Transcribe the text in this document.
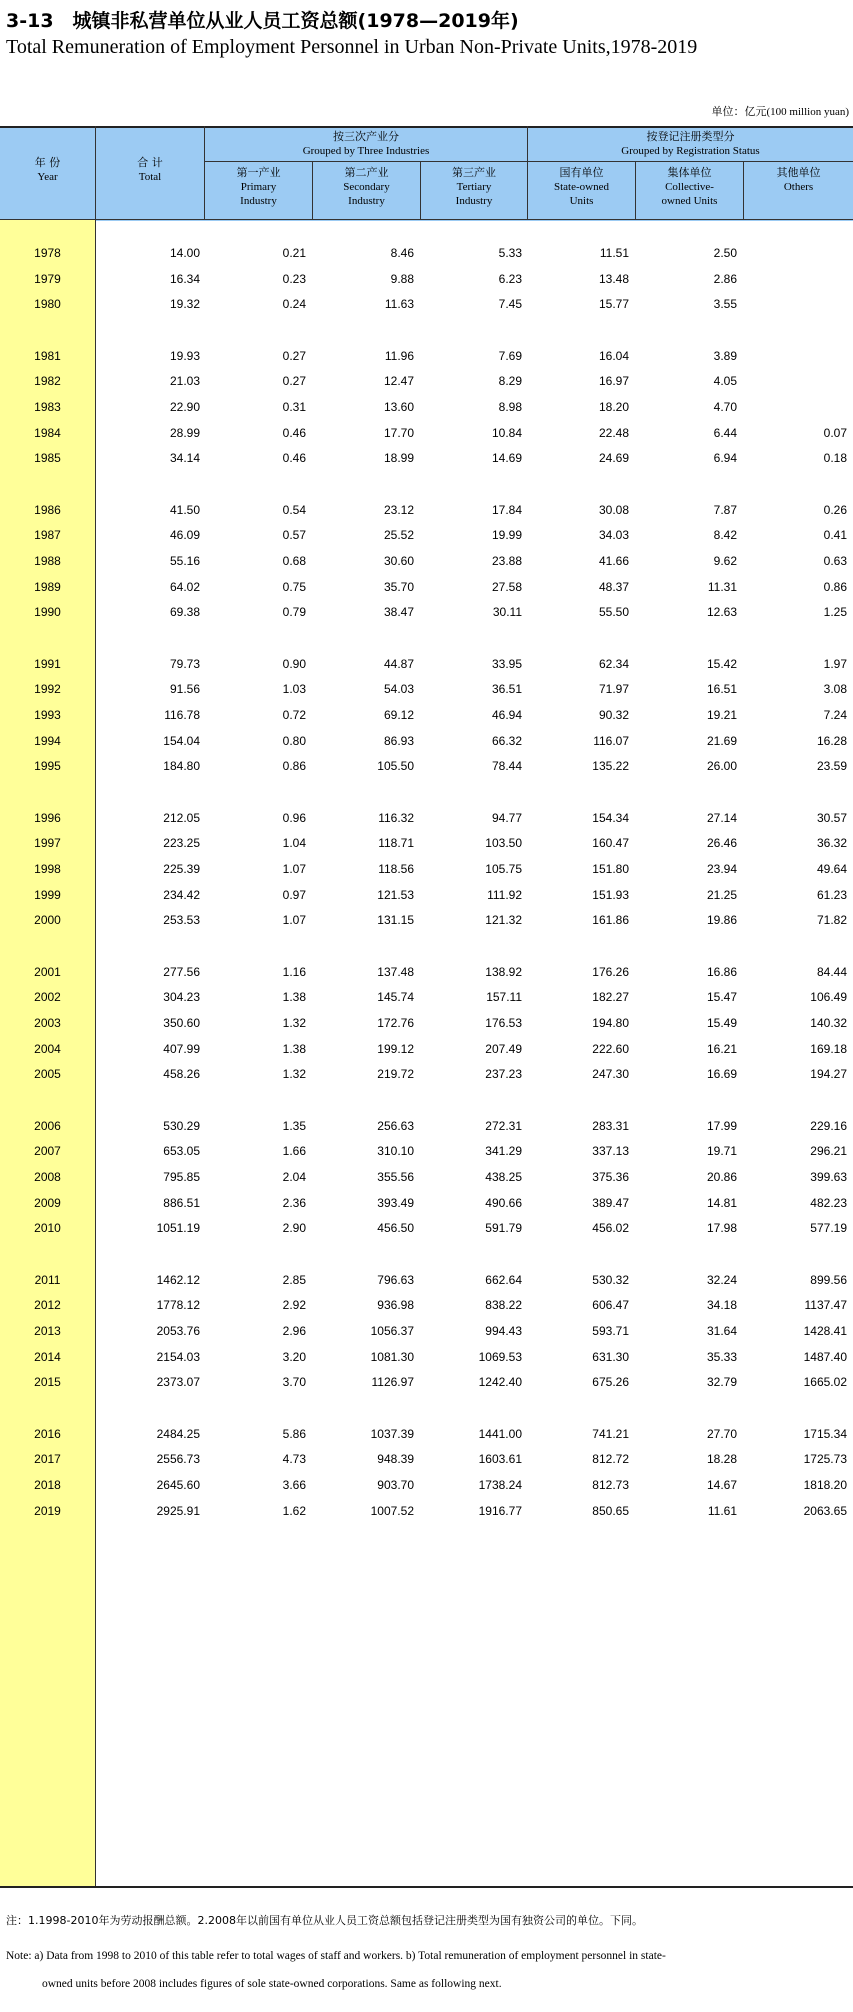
3-13　城镇非私营单位从业人员工资总额(1978—2019年)
Total Remuneration of Employment Personnel in Urban Non-Private Units,1978-2019
单位：亿元(100 million yuan)
年 份
Year
合 计
Total
按三次产业分
Grouped by Three Industries
按登记注册类型分
Grouped by Registration Status
第一产业
Primary
Industry
第二产业
Secondary
Industry
第三产业
Tertiary
Industry
国有单位
State-owned
Units
集体单位
Collective-
owned Units
其他单位
Others
1978	14.00	0.21	8.46	5.33	11.51	2.50
1979	16.34	0.23	9.88	6.23	13.48	2.86
1980	19.32	0.24	11.63	7.45	15.77	3.55
1981	19.93	0.27	11.96	7.69	16.04	3.89
1982	21.03	0.27	12.47	8.29	16.97	4.05
1983	22.90	0.31	13.60	8.98	18.20	4.70
1984	28.99	0.46	17.70	10.84	22.48	6.44	0.07
1985	34.14	0.46	18.99	14.69	24.69	6.94	0.18
1986	41.50	0.54	23.12	17.84	30.08	7.87	0.26
1987	46.09	0.57	25.52	19.99	34.03	8.42	0.41
1988	55.16	0.68	30.60	23.88	41.66	9.62	0.63
1989	64.02	0.75	35.70	27.58	48.37	11.31	0.86
1990	69.38	0.79	38.47	30.11	55.50	12.63	1.25
1991	79.73	0.90	44.87	33.95	62.34	15.42	1.97
1992	91.56	1.03	54.03	36.51	71.97	16.51	3.08
1993	116.78	0.72	69.12	46.94	90.32	19.21	7.24
1994	154.04	0.80	86.93	66.32	116.07	21.69	16.28
1995	184.80	0.86	105.50	78.44	135.22	26.00	23.59
1996	212.05	0.96	116.32	94.77	154.34	27.14	30.57
1997	223.25	1.04	118.71	103.50	160.47	26.46	36.32
1998	225.39	1.07	118.56	105.75	151.80	23.94	49.64
1999	234.42	0.97	121.53	111.92	151.93	21.25	61.23
2000	253.53	1.07	131.15	121.32	161.86	19.86	71.82
2001	277.56	1.16	137.48	138.92	176.26	16.86	84.44
2002	304.23	1.38	145.74	157.11	182.27	15.47	106.49
2003	350.60	1.32	172.76	176.53	194.80	15.49	140.32
2004	407.99	1.38	199.12	207.49	222.60	16.21	169.18
2005	458.26	1.32	219.72	237.23	247.30	16.69	194.27
2006	530.29	1.35	256.63	272.31	283.31	17.99	229.16
2007	653.05	1.66	310.10	341.29	337.13	19.71	296.21
2008	795.85	2.04	355.56	438.25	375.36	20.86	399.63
2009	886.51	2.36	393.49	490.66	389.47	14.81	482.23
2010	1051.19	2.90	456.50	591.79	456.02	17.98	577.19
2011	1462.12	2.85	796.63	662.64	530.32	32.24	899.56
2012	1778.12	2.92	936.98	838.22	606.47	34.18	1137.47
2013	2053.76	2.96	1056.37	994.43	593.71	31.64	1428.41
2014	2154.03	3.20	1081.30	1069.53	631.30	35.33	1487.40
2015	2373.07	3.70	1126.97	1242.40	675.26	32.79	1665.02
2016	2484.25	5.86	1037.39	1441.00	741.21	27.70	1715.34
2017	2556.73	4.73	948.39	1603.61	812.72	18.28	1725.73
2018	2645.60	3.66	903.70	1738.24	812.73	14.67	1818.20
2019	2925.91	1.62	1007.52	1916.77	850.65	11.61	2063.65
注：1.1998-2010年为劳动报酬总额。2.2008年以前国有单位从业人员工资总额包括登记注册类型为国有独资公司的单位。下同。
Note: a) Data from 1998 to 2010 of this table refer to total wages of staff and workers. b) Total remuneration of employment personnel in state-
owned units before 2008 includes figures of sole state-owned corporations. Same as following next.
